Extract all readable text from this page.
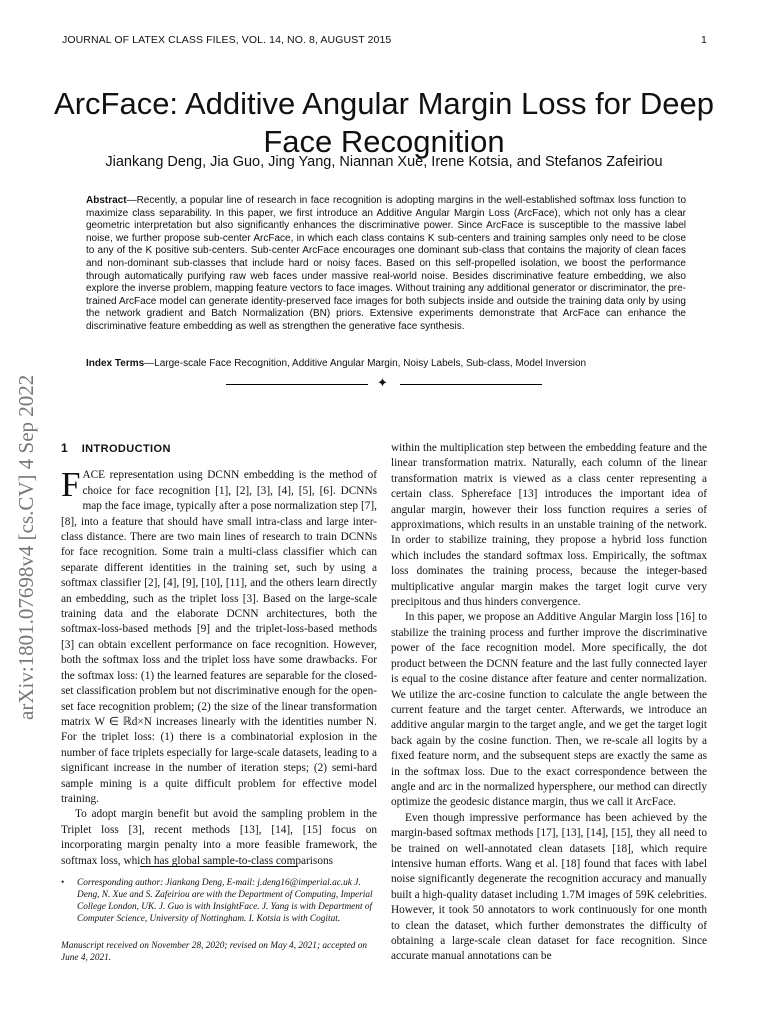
JOURNAL OF LATEX CLASS FILES, VOL. 14, NO. 8, AUGUST 2015	1
arXiv:1801.07698v4 [cs.CV] 4 Sep 2022
ArcFace: Additive Angular Margin Loss for Deep Face Recognition
Jiankang Deng, Jia Guo, Jing Yang, Niannan Xue, Irene Kotsia, and Stefanos Zafeiriou
Abstract—Recently, a popular line of research in face recognition is adopting margins in the well-established softmax loss function to maximize class separability. In this paper, we first introduce an Additive Angular Margin Loss (ArcFace), which not only has a clear geometric interpretation but also significantly enhances the discriminative power. Since ArcFace is susceptible to the massive label noise, we further propose sub-center ArcFace, in which each class contains K sub-centers and training samples only need to be close to any of the K positive sub-centers. Sub-center ArcFace encourages one dominant sub-class that contains the majority of clean faces and non-dominant sub-classes that include hard or noisy faces. Based on this self-propelled isolation, we boost the performance through automatically purifying raw web faces under massive real-world noise. Besides discriminative feature embedding, we also explore the inverse problem, mapping feature vectors to face images. Without training any additional generator or discriminator, the pre-trained ArcFace model can generate identity-preserved face images for both subjects inside and outside the training data only by using the network gradient and Batch Normalization (BN) priors. Extensive experiments demonstrate that ArcFace can enhance the discriminative feature embedding as well as strengthen the generative face synthesis.
Index Terms—Large-scale Face Recognition, Additive Angular Margin, Noisy Labels, Sub-class, Model Inversion
✦
1 INTRODUCTION

FACE representation using DCNN embedding is the method of choice for face recognition [1], [2], [3], [4], [5], [6]. DCNNs map the face image, typically after a pose normalization step [7], [8], into a feature that should have small intra-class and large inter-class distance. There are two main lines of research to train DCNNs for face recognition. Some train a multi-class classifier which can separate different identities in the training set, such by using a softmax classifier [2], [4], [9], [10], [11], and the others learn directly an embedding, such as the triplet loss [3]. Based on the large-scale training data and the elaborate DCNN architectures, both the softmax-loss-based methods [9] and the triplet-loss-based methods [3] can obtain excellent performance on face recognition. However, both the softmax loss and the triplet loss have some drawbacks. For the softmax loss: (1) the learned features are separable for the closed-set classification problem but not discriminative enough for the open-set face recognition problem; (2) the size of the linear transformation matrix W ∈ ℝd×N increases linearly with the identities number N. For the triplet loss: (1) there is a combinatorial explosion in the number of face triplets especially for large-scale datasets, leading to a significant increase in the number of iteration steps; (2) semi-hard sample mining is a quite difficult problem for effective model training.

To adopt margin benefit but avoid the sampling problem in the Triplet loss [3], recent methods [13], [14], [15] focus on incorporating margin penalty into a more feasible framework, the softmax loss, which has global sample-to-class comparisons

•	Corresponding author: Jiankang Deng, E-mail: j.deng16@imperial.ac.uk J. Deng, N. Xue and S. Zafeiriou are with the Department of Computing, Imperial College London, UK. J. Guo is with InsightFace. J. Yang is with Department of Computer Science, University of Nottingham. I. Kotsia is with Cogitat.
Manuscript received on November 28, 2020; revised on May 4, 2021; accepted on June 4, 2021.

within the multiplication step between the embedding feature and the linear transformation matrix. Naturally, each column of the linear transformation matrix is viewed as a class center representing a certain class. Sphereface [13] introduces the important idea of angular margin, however their loss function requires a series of approximations, which results in an unstable training of the network. In order to stabilize training, they propose a hybrid loss function which includes the standard softmax loss. Empirically, the softmax loss dominates the training process, because the integer-based multiplicative angular margin makes the target logit curve very precipitous and thus hinders convergence.

In this paper, we propose an Additive Angular Margin loss [16] to stabilize the training process and further improve the discriminative power of the face recognition model. More specifically, the dot product between the DCNN feature and the last fully connected layer is equal to the cosine distance after feature and center normalization. We utilize the arc-cosine function to calculate the angle between the current feature and the target center. Afterwards, we introduce an additive angular margin to the target angle, and we get the target logit back again by the cosine function. Then, we re-scale all logits by a fixed feature norm, and the subsequent steps are exactly the same as in the softmax loss. Due to the exact correspondence between the angle and arc in the normalized hypersphere, our method can directly optimize the geodesic distance margin, thus we call it ArcFace.

Even though impressive performance has been achieved by the margin-based softmax methods [17], [13], [14], [15], they all need to be trained on well-annotated clean datasets [18], which require intensive human efforts. Wang et al. [18] found that faces with label noise significantly degenerate the recognition accuracy and manually built a high-quality dataset including 1.7M images of 59K celebrities. However, it took 50 annotators to work continuously for one month to clean the dataset, which further demonstrates the difficulty of obtaining a large-scale clean dataset for face recognition. Since accurate manual annotations can be
